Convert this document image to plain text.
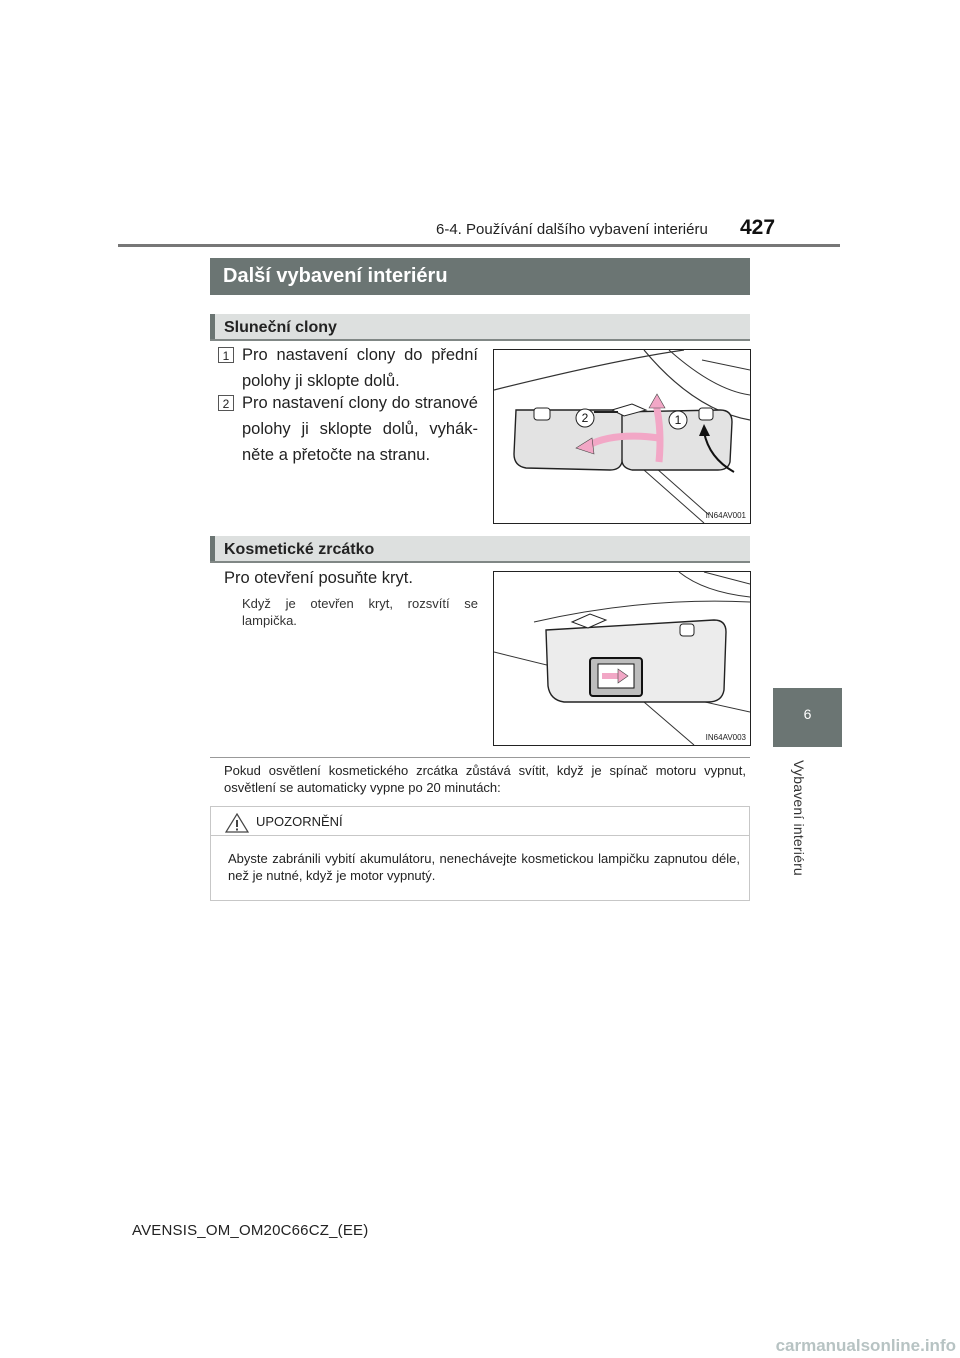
6-4. Používání dalšího vybavení interiéru 427
6
Vybavení interiéru
Další vybavení interiéru
Sluneční clony
1 Pro nastavení clony do přední polohy ji sklopte dolů.
2 Pro nastavení clony do stranové polohy ji sklopte dolů, vyhákněte a přetočte na stranu.
2	1
IN64AV001
Kosmetické zrcátko
Pro otevření posuňte kryt.
Když je otevřen kryt, rozsvítí se lampička.
IN64AV003
Pokud osvětlení kosmetického zrcátka zůstává svítit, když je spínač motoru vypnut, osvětlení se automaticky vypne po 20 minutách:
UPOZORNĚNÍ
Abyste zabránili vybití akumulátoru, nenechávejte kosmetickou lampičku zapnutou déle, než je nutné, když je motor vypnutý.
AVENSIS_OM_OM20C66CZ_(EE)
carmanualsonline.info
